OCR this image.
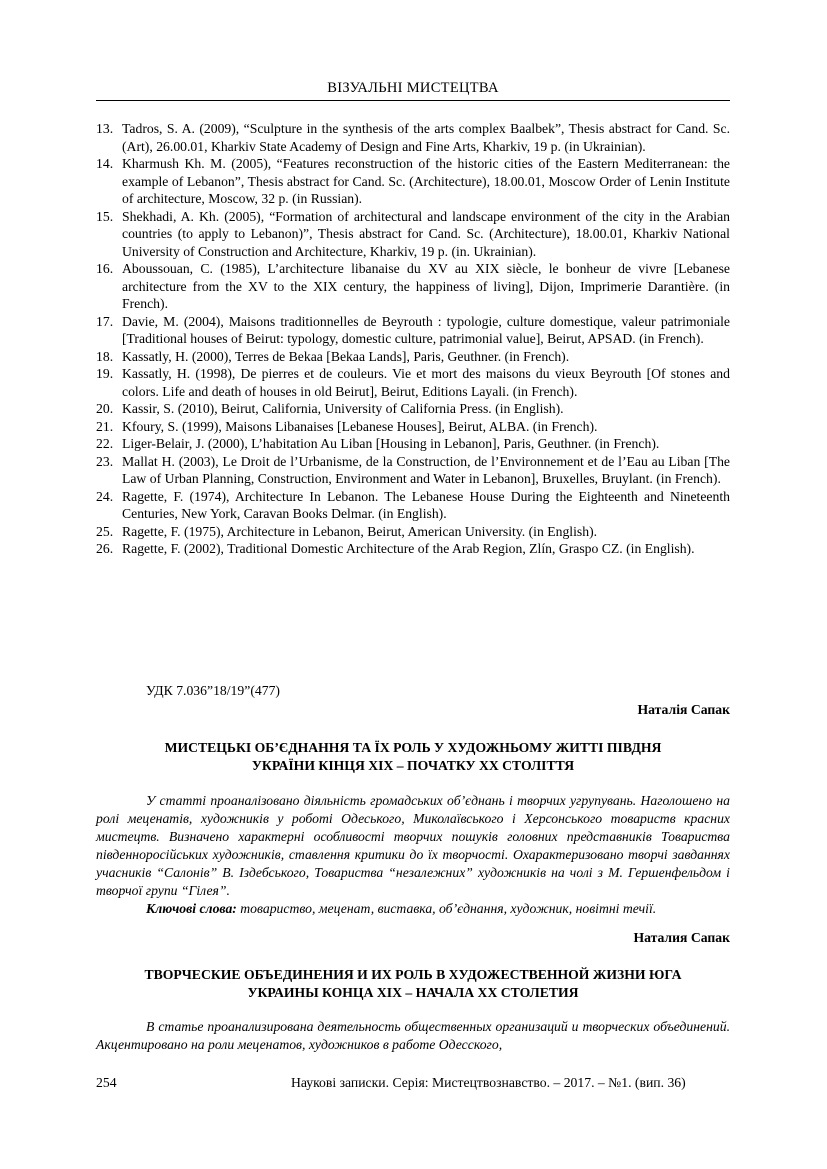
ВІЗУАЛЬНІ МИСТЕЦТВА
13. Tadros, S. A. (2009), “Sculpture in the synthesis of the arts complex Baalbek”, Thesis abstract for Cand. Sc. (Art), 26.00.01, Kharkiv State Academy of Design and Fine Arts, Kharkiv, 19 p. (in Ukrainian).
14. Kharmush Kh. M. (2005), “Features reconstruction of the historic cities of the Eastern Mediterranean: the example of Lebanon”, Thesis abstract for Cand. Sc. (Architecture), 18.00.01, Moscow Order of Lenin Institute of architecture, Moscow, 32 p. (in Russian).
15. Shekhadi, A. Kh. (2005), “Formation of architectural and landscape environment of the city in the Arabian countries (to apply to Lebanon)”, Thesis abstract for Cand. Sc. (Architecture), 18.00.01, Kharkiv National University of Construction and Architecture, Kharkiv, 19 p. (in. Ukrainian).
16. Aboussouan, C. (1985), L’architecture libanaise du XV au XIX siècle, le bonheur de vivre [Lebanese architecture from the XV to the XIX century, the happiness of living], Dijon, Imprimerie Darantière. (in French).
17. Davie, M. (2004), Maisons traditionnelles de Beyrouth : typologie, culture domestique, valeur patrimoniale [Traditional houses of Beirut: typology, domestic culture, patrimonial value], Beirut, APSAD. (in French).
18. Kassatly, H. (2000), Terres de Bekaa [Bekaa Lands], Paris, Geuthner. (in French).
19. Kassatly, H. (1998), De pierres et de couleurs. Vie et mort des maisons du vieux Beyrouth [Of stones and colors. Life and death of houses in old Beirut], Beirut, Editions Layali. (in French).
20. Kassir, S. (2010), Beirut, California, University of California Press. (in English).
21. Kfoury, S. (1999), Maisons Libanaises [Lebanese Houses], Beirut, ALBA. (in French).
22. Liger-Belair, J. (2000), L’habitation Au Liban [Housing in Lebanon], Paris, Geuthner. (in French).
23. Mallat H. (2003), Le Droit de l’Urbanisme, de la Construction, de l’Environnement et de l’Eau au Liban [The Law of Urban Planning, Construction, Environment and Water in Lebanon], Bruxelles, Bruylant. (in French).
24. Ragette, F. (1974), Architecture In Lebanon. The Lebanese House During the Eighteenth and Nineteenth Centuries, New York, Caravan Books Delmar. (in English).
25. Ragette, F. (1975), Architecture in Lebanon, Beirut, American University. (in English).
26. Ragette, F. (2002), Traditional Domestic Architecture of the Arab Region, Zlín, Graspo CZ. (in English).
УДК 7.036”18/19”(477)
Наталія Сапак
МИСТЕЦЬКІ ОБ’ЄДНАННЯ ТА ЇХ РОЛЬ У ХУДОЖНЬОМУ ЖИТТІ ПІВДНЯ
УКРАЇНИ КІНЦЯ ХІХ – ПОЧАТКУ ХХ СТОЛІТТЯ

У статті проаналізовано діяльність громадських об’єднань і творчих угрупувань. Наголошено на ролі меценатів, художників у роботі Одеського, Миколаївського і Херсонського товариств красних мистецтв. Визначено характерні особливості творчих пошуків головних представників Товариства південноросійських художників, ставлення критики до їх творчості. Охарактеризовано творчі завданнях учасників “Салонів” В. Іздебського, Товариства “незалежних” художників на чолі з М. Гершенфельдом і творчої групи “Гілея”.

Ключові слова: товариство, меценат, виставка, об’єднання, художник, новітні течії.

Наталия Сапак
ТВОРЧЕСКИЕ ОБЪЕДИНЕНИЯ И ИХ РОЛЬ В ХУДОЖЕСТВЕННОЙ ЖИЗНИ ЮГА
УКРАИНЫ КОНЦА ХІХ – НАЧАЛА ХХ СТОЛЕТИЯ

В статье проанализирована деятельность общественных организаций и творческих объединений. Акцентировано на роли меценатов, художников в работе Одесского,

254	Наукові записки. Серія: Мистецтвознавство. – 2017. – №1. (вип. 36)
